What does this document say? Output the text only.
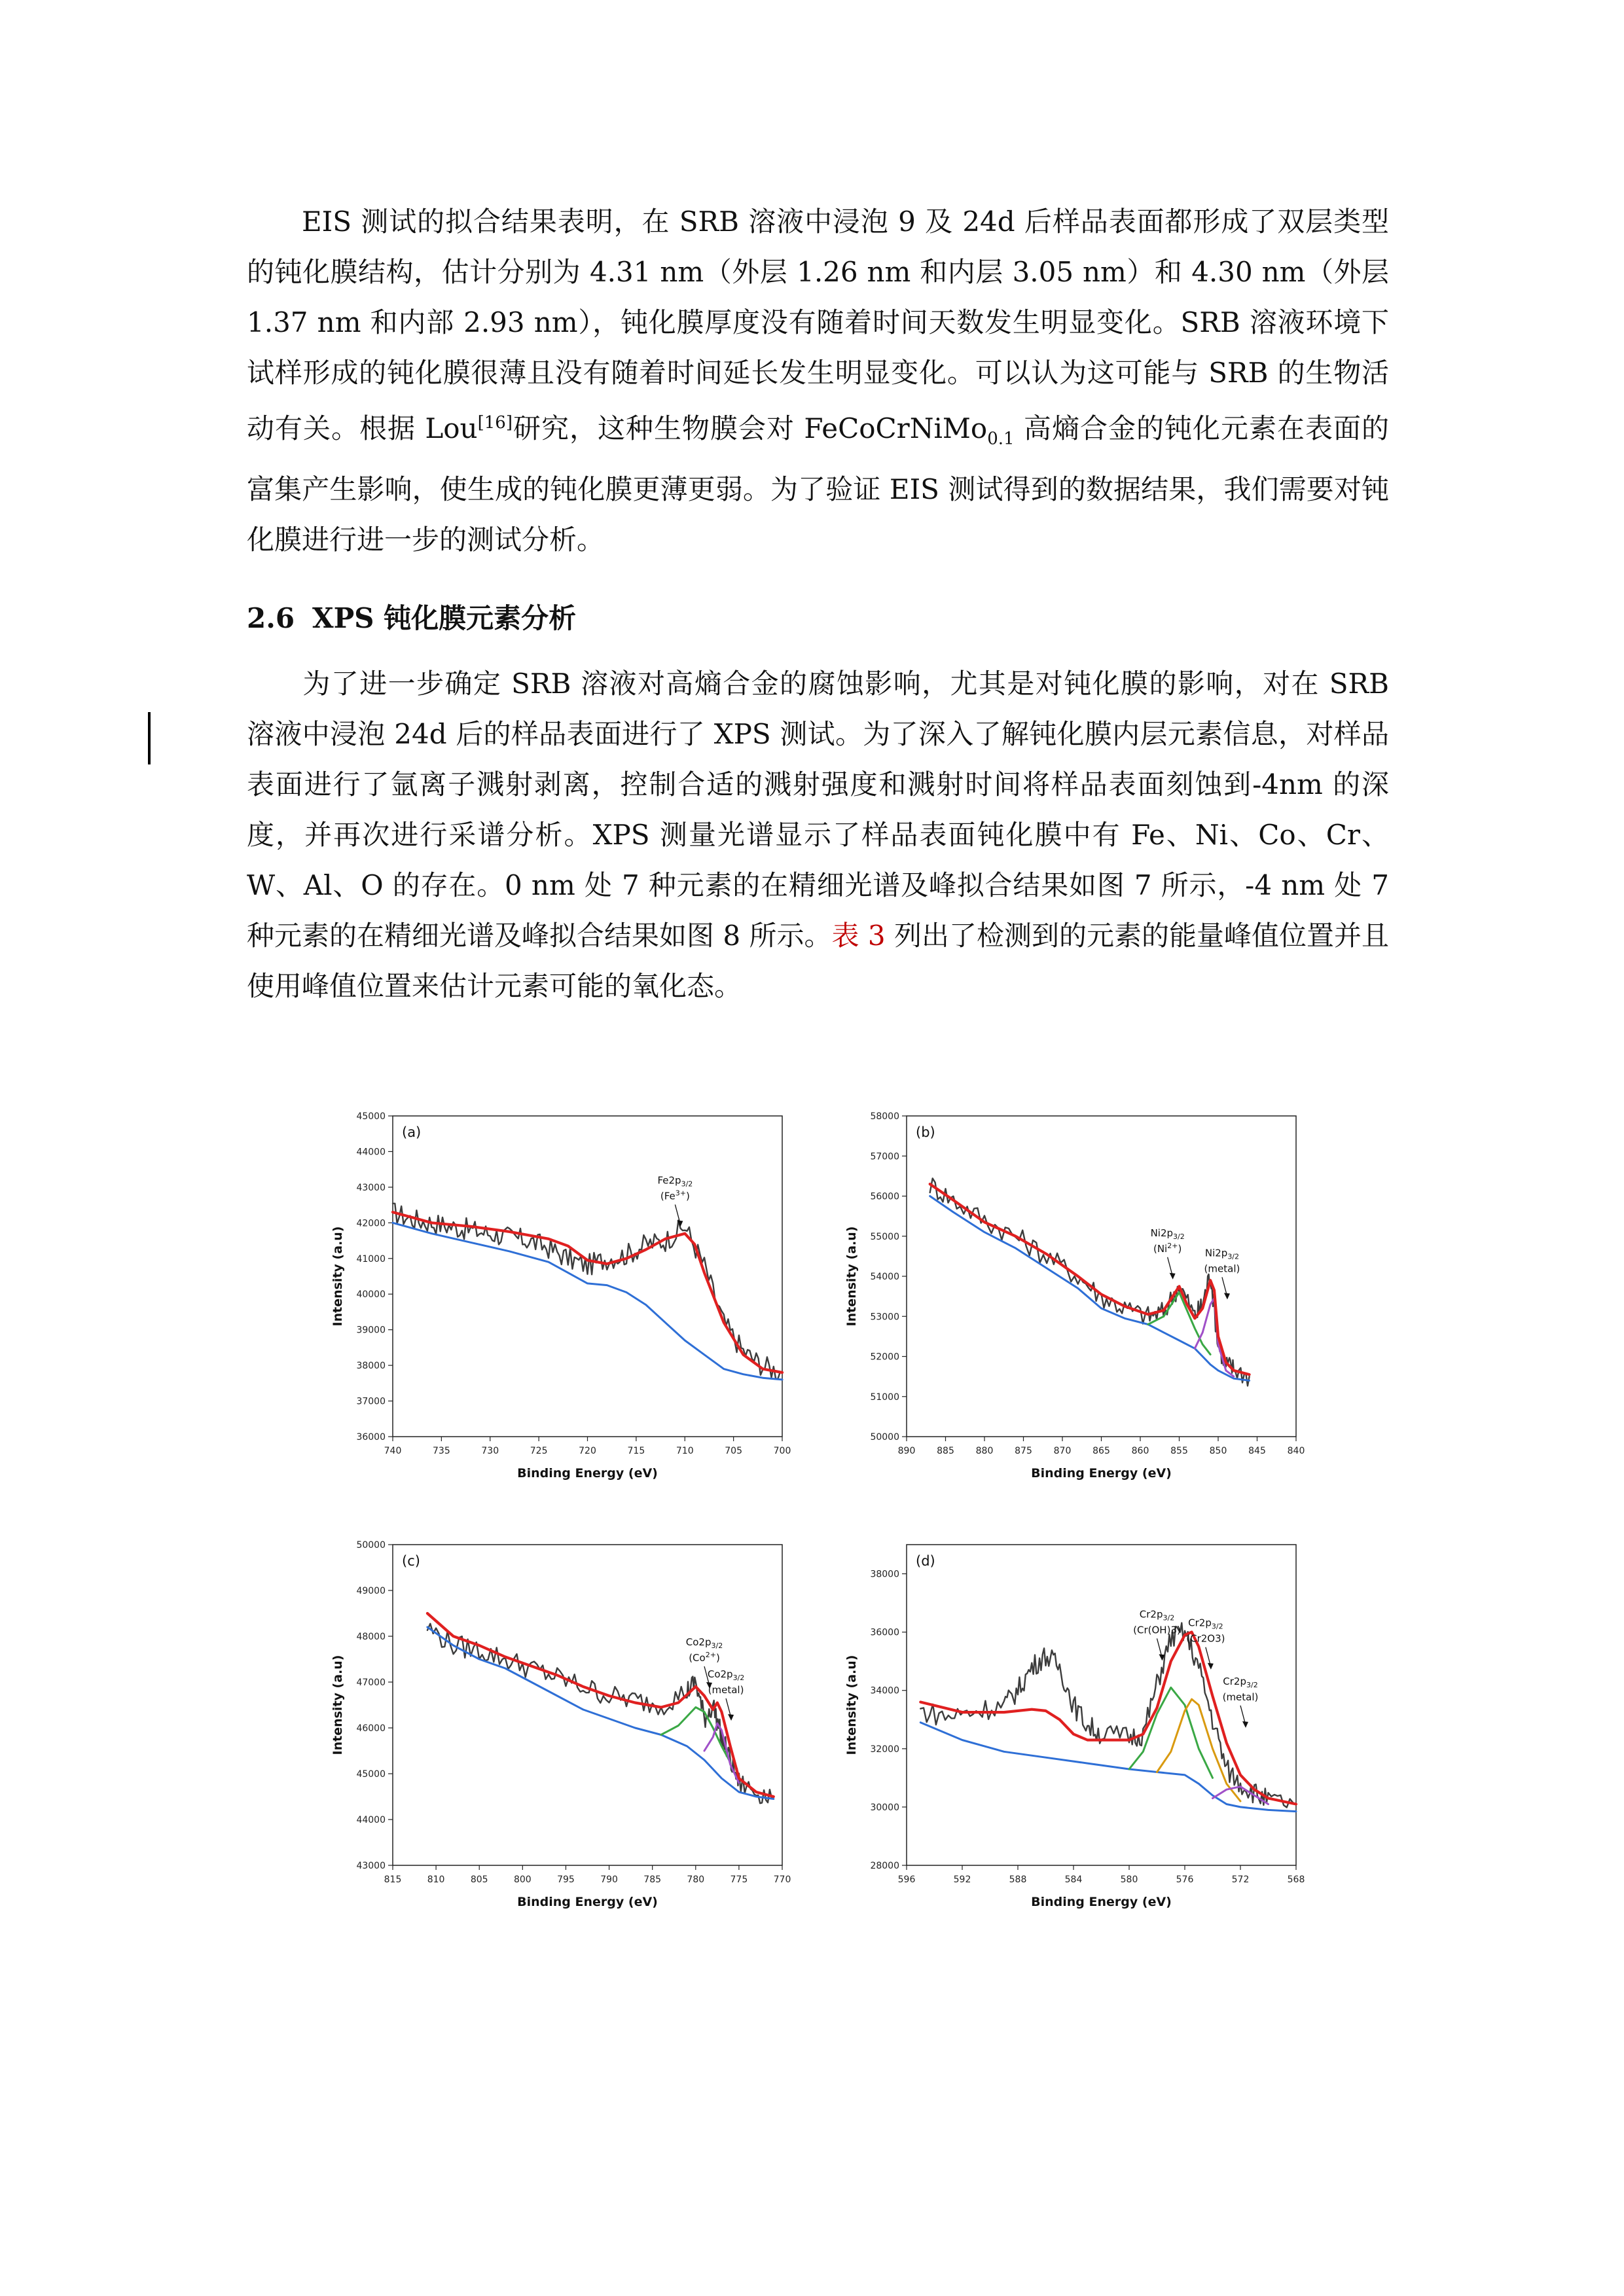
EIS 测试的拟合结果表明，在 SRB 溶液中浸泡 9 及 24d 后样品表面都形成了双层类型的钝化膜结构，估计分别为 4.31 nm（外层 1.26 nm 和内层 3.05 nm）和 4.30 nm（外层 1.37 nm 和内部 2.93 nm），钝化膜厚度没有随着时间天数发生明显变化。SRB 溶液环境下试样形成的钝化膜很薄且没有随着时间延长发生明显变化。可以认为这可能与 SRB 的生物活动有关。根据 Lou[16]研究，这种生物膜会对 FeCoCrNiMo$_{0.1}$ 高熵合金的钝化元素在表面的富集产生影响，使生成的钝化膜更薄更弱。为了验证 EIS 测试得到的数据结果，我们需要对钝化膜进行进一步的测试分析。

2.6 XPS 钝化膜元素分析

为了进一步确定 SRB 溶液对高熵合金的腐蚀影响，尤其是对钝化膜的影响，对在 SRB 溶液中浸泡 24d 后的样品表面进行了 XPS 测试。为了深入了解钝化膜内层元素信息，对样品表面进行了氩离子溅射剥离，控制合适的溅射强度和溅射时间将样品表面刻蚀到-4nm 的深度，并再次进行采谱分析。XPS 测量光谱显示了样品表面钝化膜中有 Fe、Ni、Co、Cr、W、Al、O 的存在。0 nm 处 7 种元素的在精细光谱及峰拟合结果如图 7 所示，-4 nm 处 7 种元素的在精细光谱及峰拟合结果如图 8 所示。表 3 列出了检测到的元素的能量峰值位置并且使用峰值位置来估计元素可能的氧化态。

740	735	730	725	720	715	710	705	700
36000
37000
38000
39000
40000
41000
42000
43000
44000
45000
Binding Energy (eV)
Intensity (a.u)
(a)
$Fe2p_{3/2}$
$(Fe^{3+})$
890 885 880 875 870 865 860 855 850 845 840
50000
51000
52000
53000
54000
55000
56000
57000
58000
Binding Energy (eV)
Intensity (a.u)
(b)
$Ni2p_{3/2}$
$(Ni^{2+})$ $Ni2p_{3/2}$
(metal)
815	810	805	800	795	790	785	780	775	770
43000
44000
45000
46000
47000
48000
49000
50000
Binding Energy (eV)
Intensity (a.u)
(c)
$Co2p_{3/2}$
$(Co^{2+})$
$Co2p_{3/2}$
(metal)
596	592	588	584	580	576	572	568
28000
30000
32000
34000
36000
38000
Binding Energy (eV)
Intensity (a.u)
(d)
$Cr2p_{3/2}$
(Cr(OH)3)
$Cr2p_{3/2}$
(Cr2O3)
$Cr2p_{3/2}$
(metal)
